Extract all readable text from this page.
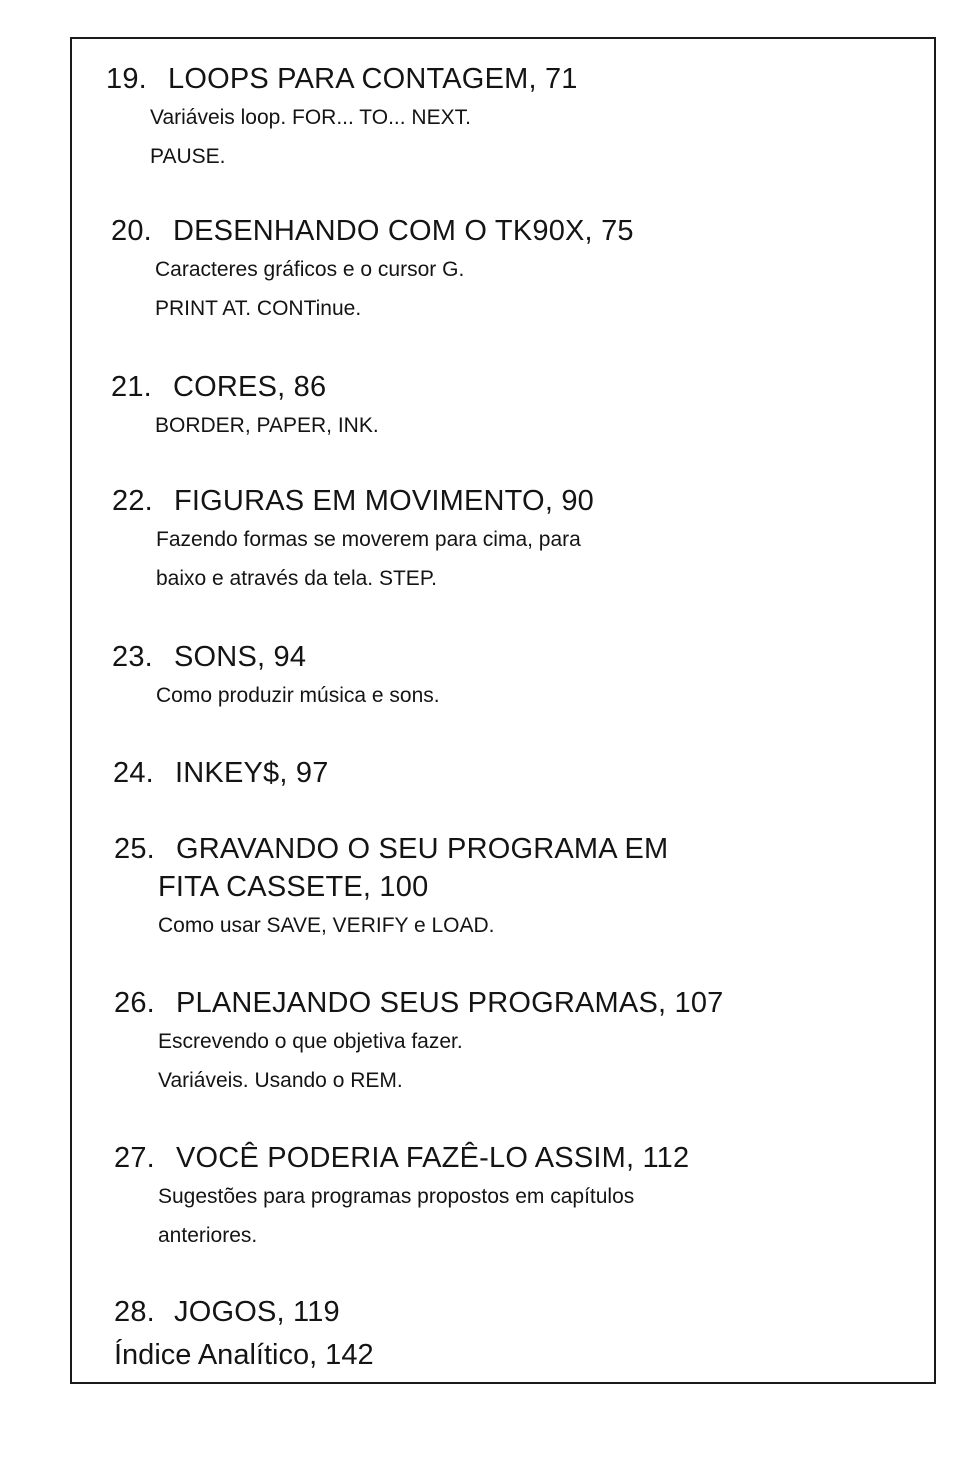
19. LOOPS PARA CONTAGEM, 71
Variáveis loop. FOR... TO... NEXT.
PAUSE.
20. DESENHANDO COM O TK90X, 75
Caracteres gráficos e o cursor G.
PRINT AT. CONTinue.
21. CORES, 86
BORDER, PAPER, INK.
22. FIGURAS EM MOVIMENTO, 90
Fazendo formas se moverem para cima, para
baixo e através da tela. STEP.
23. SONS, 94
Como produzir música e sons.
24. INKEY$, 97
25. GRAVANDO O SEU PROGRAMA EM
FITA CASSETE, 100
Como usar SAVE, VERIFY e LOAD.
26. PLANEJANDO SEUS PROGRAMAS, 107
Escrevendo o que objetiva fazer.
Variáveis. Usando o REM.
27. VOCÊ PODERIA FAZÊ-LO ASSIM, 112
Sugestões para programas propostos em capítulos
anteriores.
28. JOGOS, 119
Índice Analítico, 142
